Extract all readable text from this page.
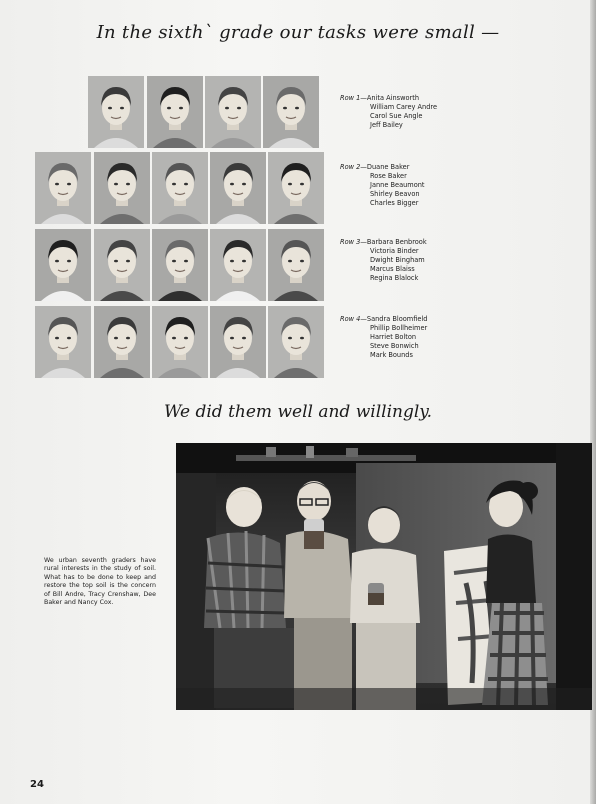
In the sixth` grade our tasks were small —
Row 1—Anita Ainsworth
William Carey Andre
Carol Sue Angle
Jeff Bailey
Row 2—Duane Baker
Rose Baker
Janne Beaumont
Shirley Beavon
Charles Bigger
Row 3—Barbara Benbrook
Victoria Binder
Dwight Bingham
Marcus Blaiss
Regina Blalock
Row 4—Sandra Bloomfield
Phillip Bollheimer
Harriet Bolton
Steve Bonwich
Mark Bounds
We did them well and willingly.
We urban seventh graders have rural interests in the study of soil. What has to be done to keep and restore the top soil is the concern of Bill Andre, Tracy Crenshaw, Dee Baker and Nancy Cox.
24
